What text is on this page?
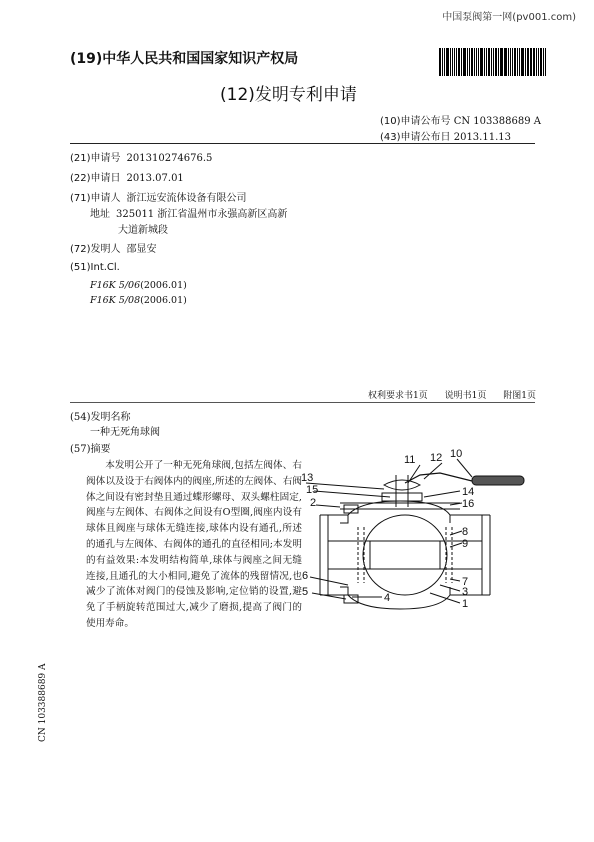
中国泵阀第一网(pv001.com)
(19)中华人民共和国国家知识产权局
(12)发明专利申请
(10)申请公布号 CN 103388689 A
(43)申请公布日 2013.11.13
(21)申请号 201310274676.5
(22)申请日 2013.07.01
(71)申请人 浙江远安流体设备有限公司
地址 325011 浙江省温州市永强高新区高新
大道新城段
(72)发明人 邵显安
(51)Int.Cl.
F16K 5/06(2006.01)
F16K 5/08(2006.01)
权利要求书1页 说明书1页 附图1页
(54)发明名称
一种无死角球阀
(57)摘要

本发明公开了一种无死角球阀,包括左阀体、右阀体以及设于右阀体内的阀座,所述的左阀体、右阀体之间设有密封垫且通过蝶形螺母、双头螺柱固定,阀座与左阀体、右阀体之间设有O型圈,阀座内设有球体且阀座与球体无缝连接,球体内设有通孔,所述的通孔与左阀体、右阀体的通孔的直径相同;本发明的有益效果:本发明结构简单,球体与阀座之间无缝连接,且通孔的大小相同,避免了流体的残留情况,也减少了流体对阀门的侵蚀及影响,定位销的设置,避免了手柄旋转范围过大,减少了磨损,提高了阀门的使用寿命。

CN 103388689 A
13
15
2
11 12 10
14
16
8
9
7
3
1
4
6
5
